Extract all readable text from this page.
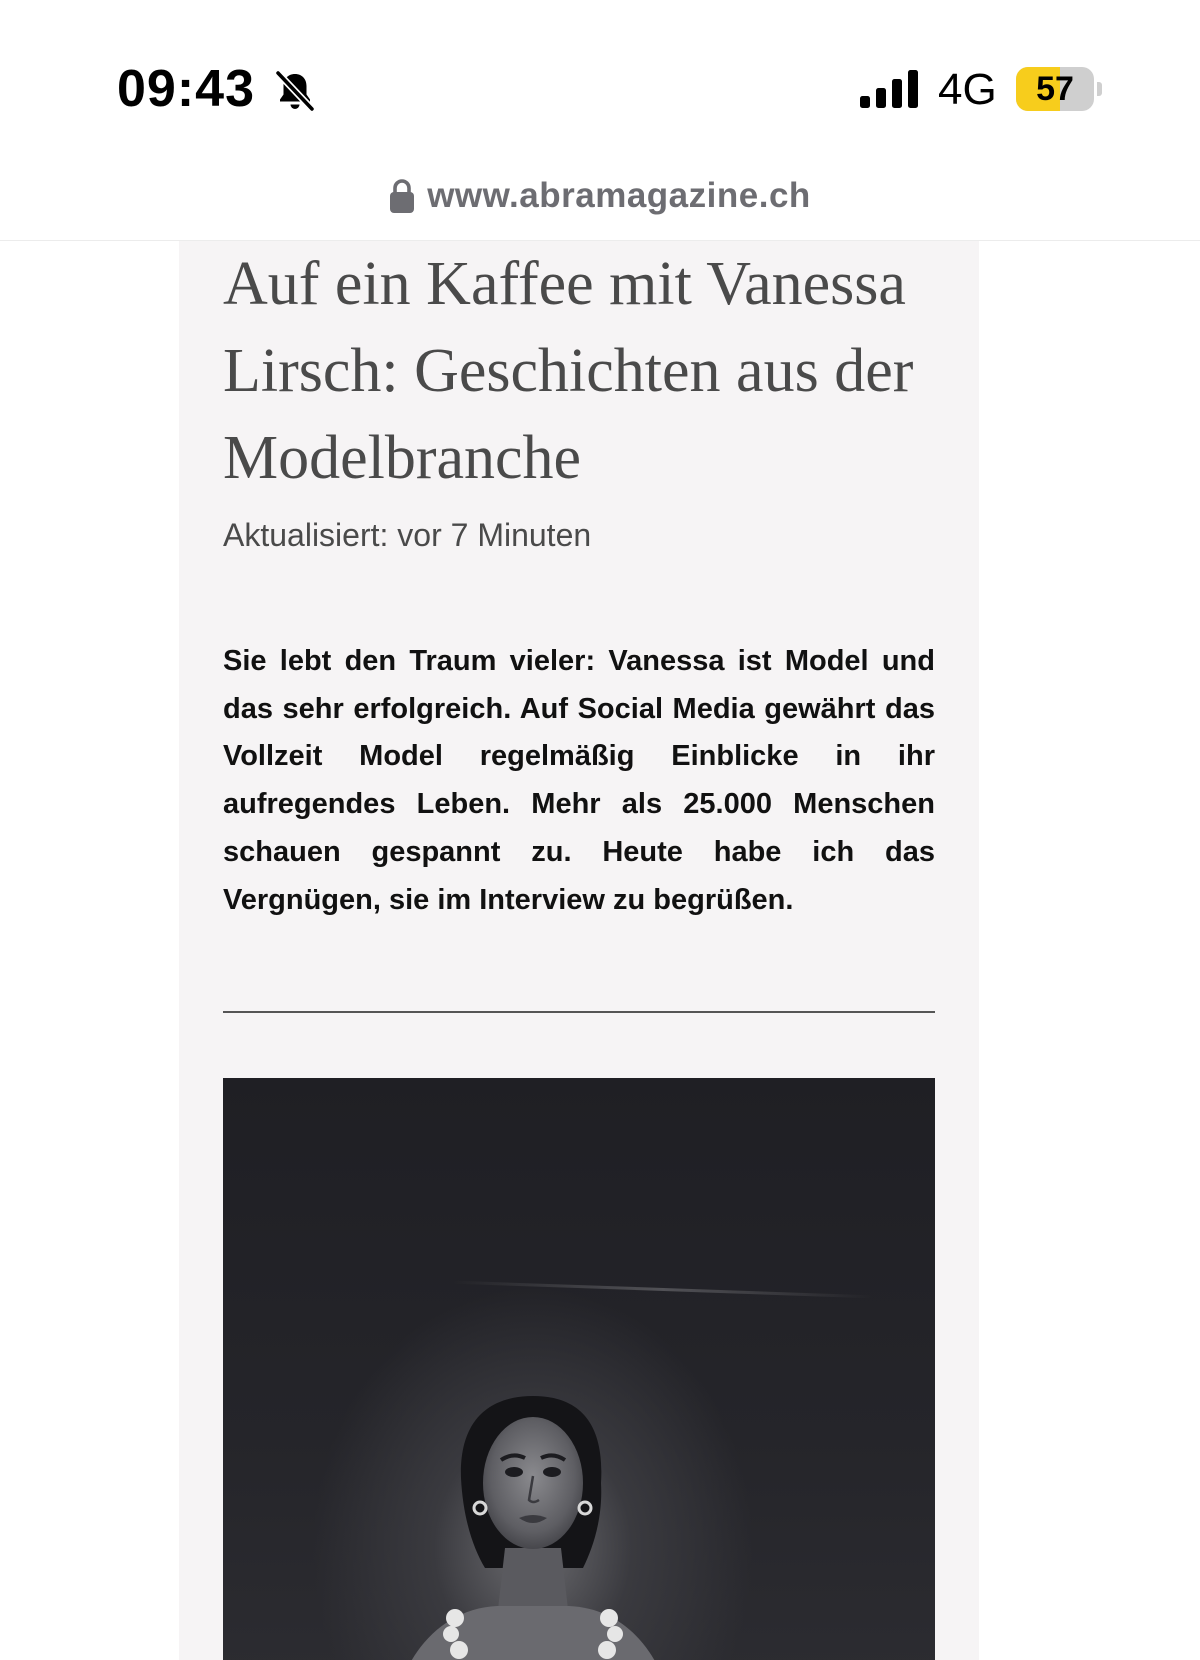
09:43	4G	57
www.abramagazine.ch
Auf ein Kaffee mit Vanessa Lirsch: Geschichten aus der Modelbranche
Aktualisiert: vor 7 Minuten

Sie lebt den Traum vieler: Vanessa ist Model und das sehr erfolgreich. Auf Social Media gewährt das Vollzeit Model regelmäßig Einblicke in ihr aufregendes Leben. Mehr als 25.000 Menschen schauen gespannt zu. Heute habe ich das Vergnügen, sie im Interview zu begrüßen.
